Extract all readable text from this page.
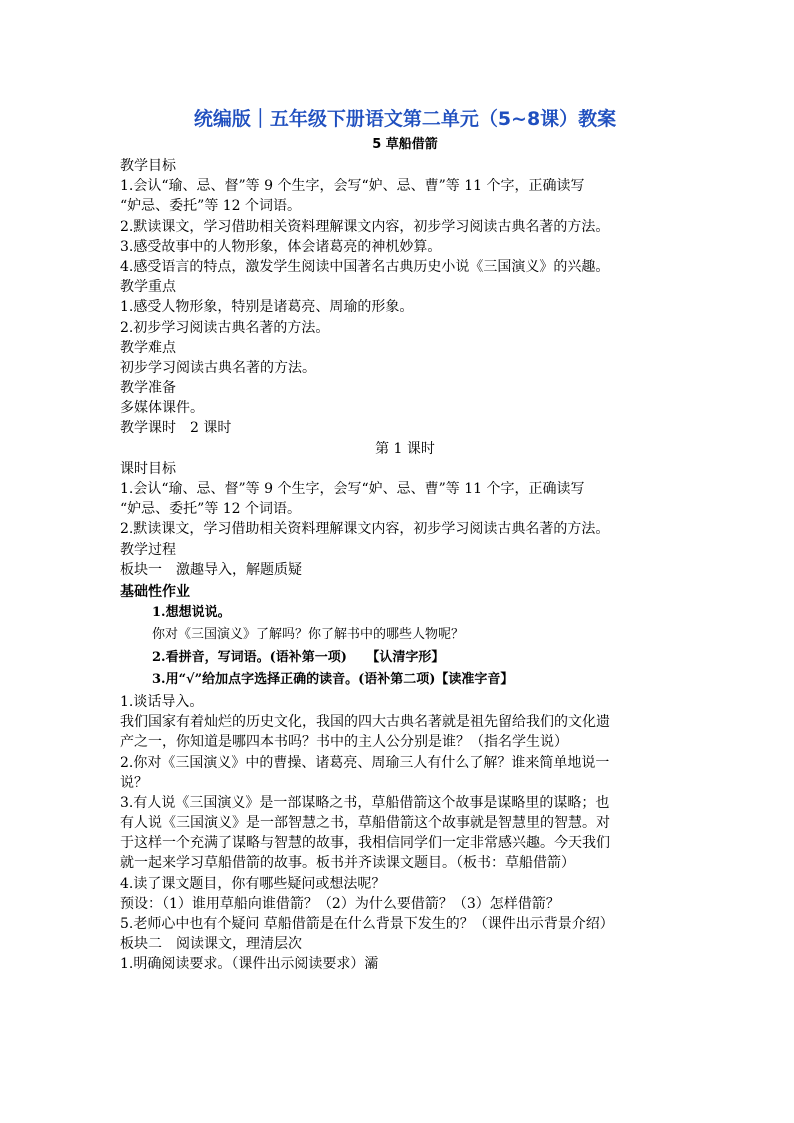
统编版｜五年级下册语文第二单元（5~8课）教案
5 草船借箭
教学目标
1.会认“瑜、忌、督”等 9 个生字，会写“妒、忌、曹”等 11 个字，正确读写
“妒忌、委托”等 12 个词语。
2.默读课文，学习借助相关资料理解课文内容，初步学习阅读古典名著的方法。
3.感受故事中的人物形象，体会诸葛亮的神机妙算。
4.感受语言的特点，激发学生阅读中国著名古典历史小说《三国演义》的兴趣。
教学重点
1.感受人物形象，特别是诸葛亮、周瑜的形象。
2.初步学习阅读古典名著的方法。
教学难点
初步学习阅读古典名著的方法。
教学准备
多媒体课件。
教学课时　2 课时
第 1 课时
课时目标
1.会认“瑜、忌、督”等 9 个生字，会写“妒、忌、曹”等 11 个字，正确读写
“妒忌、委托”等 12 个词语。
2.默读课文，学习借助相关资料理解课文内容，初步学习阅读古典名著的方法。
教学过程
板块一　激趣导入，解题质疑
基础性作业
1.想想说说。
你对《三国演义》了解吗？你了解书中的哪些人物呢？
2.看拼音，写词语。(语补第一项)　　【认清字形】
3.用“√”给加点字选择正确的读音。(语补第二项)【读准字音】
1.谈话导入。
我们国家有着灿烂的历史文化，我国的四大古典名著就是祖先留给我们的文化遗
产之一，你知道是哪四本书吗？书中的主人公分别是谁？（指名学生说）
2.你对《三国演义》中的曹操、诸葛亮、周瑜三人有什么了解？谁来简单地说一
说？
3.有人说《三国演义》是一部谋略之书，草船借箭这个故事是谋略里的谋略；也
有人说《三国演义》是一部智慧之书，草船借箭这个故事就是智慧里的智慧。对
于这样一个充满了谋略与智慧的故事，我相信同学们一定非常感兴趣。今天我们
就一起来学习草船借箭的故事。板书并齐读课文题目。（板书：草船借箭）
4.读了课文题目，你有哪些疑问或想法呢？
预设：（1）谁用草船向谁借箭？（2）为什么要借箭？（3）怎样借箭？
5.老师心中也有个疑问 草船借箭是在什么背景下发生的？（课件出示背景介绍）
板块二　阅读课文，理清层次
1.明确阅读要求。（课件出示阅读要求）灞
